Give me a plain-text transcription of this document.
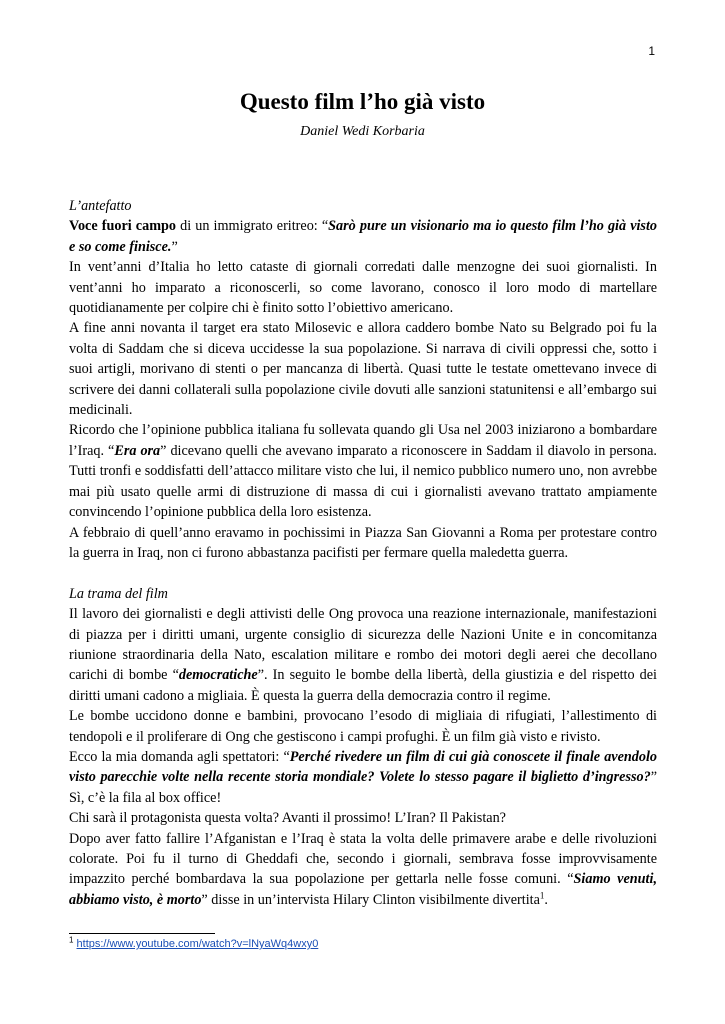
1
Questo film l’ho già visto
Daniel Wedi Korbaria

L’antefatto

Voce fuori campo di un immigrato eritreo: “Sarò pure un visionario ma io questo film l’ho già visto e so come finisce.”

In vent’anni d’Italia ho letto cataste di giornali corredati dalle menzogne dei suoi giornalisti. In vent’anni ho imparato a riconoscerli, so come lavorano, conosco il loro modo di martellare quotidianamente per colpire chi è finito sotto l’obiettivo americano.

A fine anni novanta il target era stato Milosevic e allora caddero bombe Nato su Belgrado poi fu la volta di Saddam che si diceva uccidesse la sua popolazione. Si narrava di civili oppressi che, sotto i suoi artigli, morivano di stenti o per mancanza di libertà. Quasi tutte le testate omettevano invece di scrivere dei danni collaterali sulla popolazione civile dovuti alle sanzioni statunitensi e all’embargo sui medicinali.

Ricordo che l’opinione pubblica italiana fu sollevata quando gli Usa nel 2003 iniziarono a bombardare l’Iraq. “Era ora” dicevano quelli che avevano imparato a riconoscere in Saddam il diavolo in persona. Tutti tronfi e soddisfatti dell’attacco militare visto che lui, il nemico pubblico numero uno, non avrebbe mai più usato quelle armi di distruzione di massa di cui i giornalisti avevano trattato ampiamente convincendo l’opinione pubblica della loro esistenza.

A febbraio di quell’anno eravamo in pochissimi in Piazza San Giovanni a Roma per protestare contro la guerra in Iraq, non ci furono abbastanza pacifisti per fermare quella maledetta guerra.

La trama del film

Il lavoro dei giornalisti e degli attivisti delle Ong provoca una reazione internazionale, manifestazioni di piazza per i diritti umani, urgente consiglio di sicurezza delle Nazioni Unite e in concomitanza riunione straordinaria della Nato, escalation militare e rombo dei motori degli aerei che decollano carichi di bombe “democratiche”. In seguito le bombe della libertà, della giustizia e del rispetto dei diritti umani cadono a migliaia. È questa la guerra della democrazia contro il regime.

Le bombe uccidono donne e bambini, provocano l’esodo di migliaia di rifugiati, l’allestimento di tendopoli e il proliferare di Ong che gestiscono i campi profughi. È un film già visto e rivisto.

Ecco la mia domanda agli spettatori: “Perché rivedere un film di cui già conoscete il finale avendolo visto parecchie volte nella recente storia mondiale? Volete lo stesso pagare il biglietto d’ingresso?” Sì, c’è la fila al box office!

Chi sarà il protagonista questa volta? Avanti il prossimo! L’Iran? Il Pakistan?

Dopo aver fatto fallire l’Afganistan e l’Iraq è stata la volta delle primavere arabe e delle rivoluzioni colorate. Poi fu il turno di Gheddafi che, secondo i giornali, sembrava fosse improvvisamente impazzito perché bombardava la sua popolazione per gettarla nelle fosse comuni. “Siamo venuti, abbiamo visto, è morto” disse in un’intervista Hilary Clinton visibilmente divertita$^1$.

$^1$ https://www.youtube.com/watch?v=lNyaWq4wxy0
